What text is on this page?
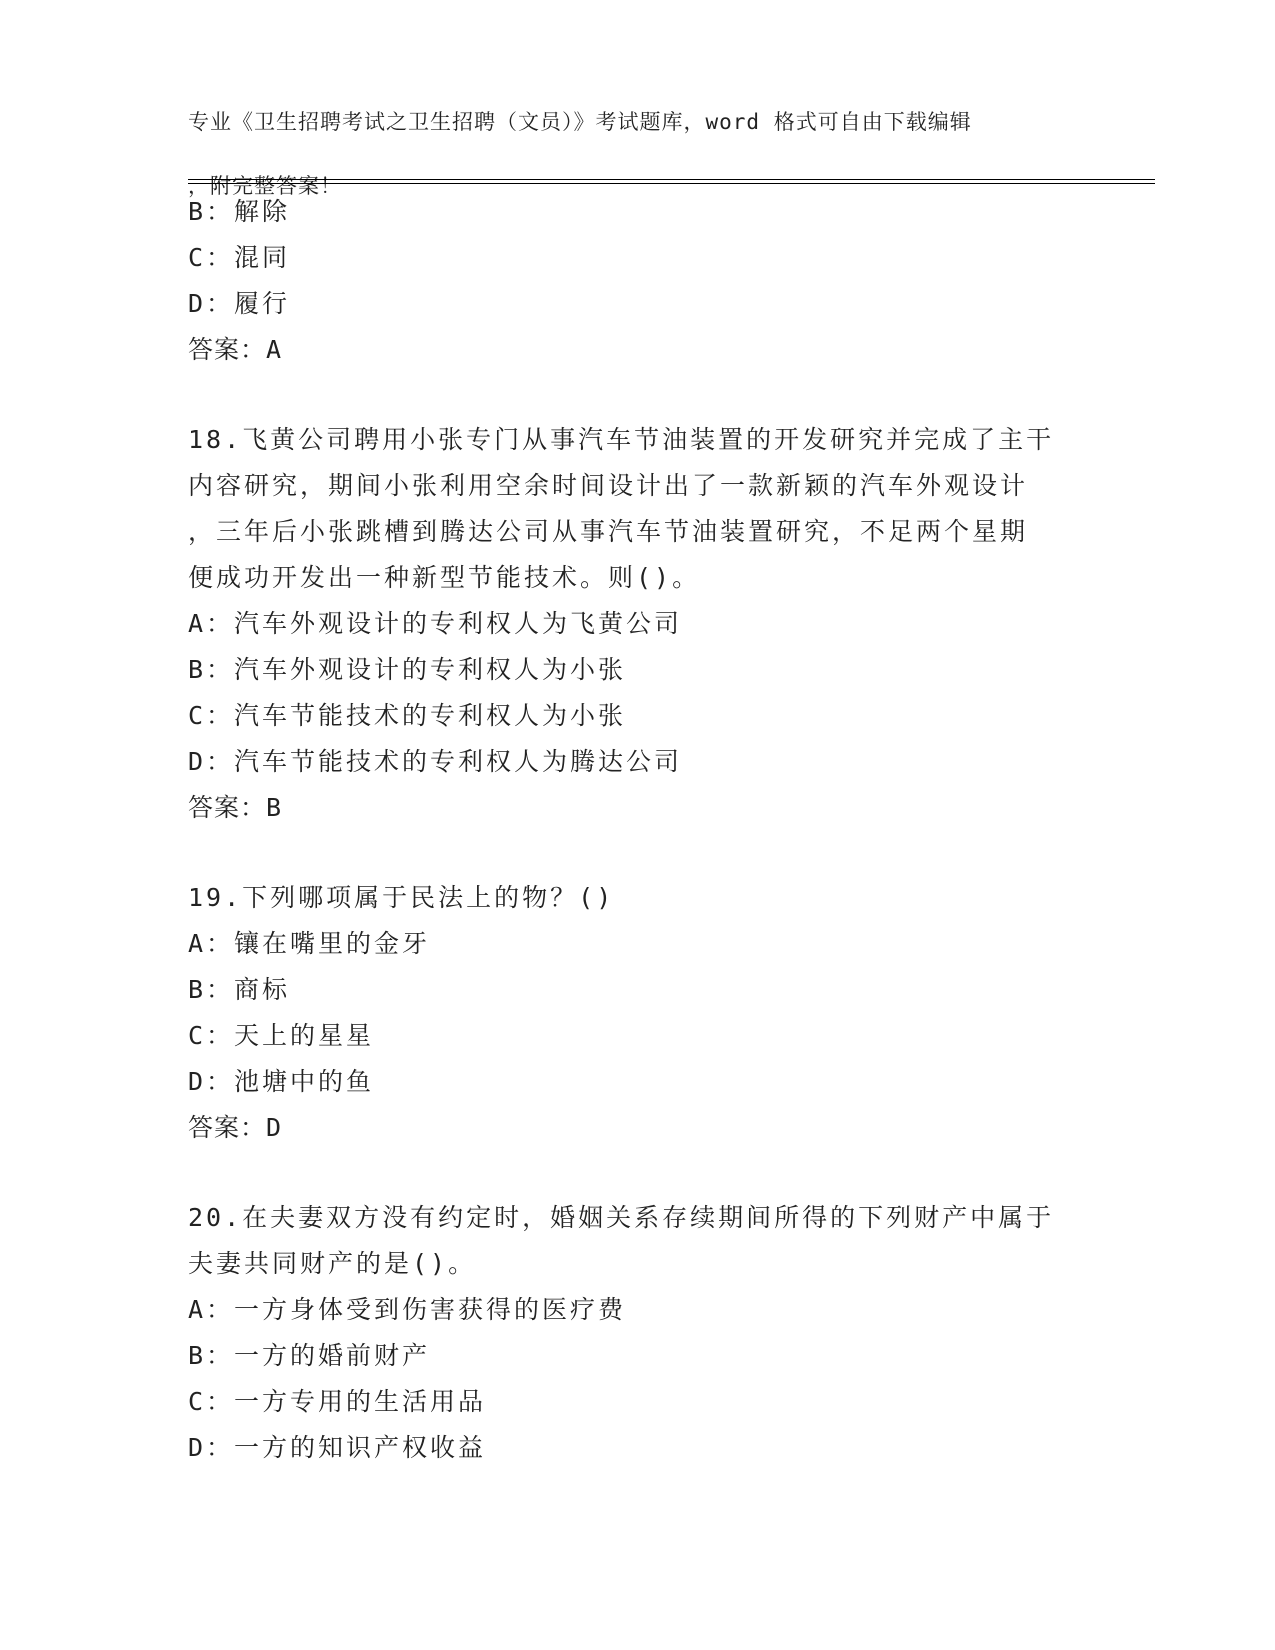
专业《卫生招聘考试之卫生招聘（文员）》考试题库，word 格式可自由下载编辑

，附完整答案！

B：解除
C：混同
D：履行
答案：A
18.飞黄公司聘用小张专门从事汽车节油装置的开发研究并完成了主干
内容研究，期间小张利用空余时间设计出了一款新颖的汽车外观设计
，三年后小张跳槽到腾达公司从事汽车节油装置研究，不足两个星期
便成功开发出一种新型节能技术。则()。
A：汽车外观设计的专利权人为飞黄公司
B：汽车外观设计的专利权人为小张
C：汽车节能技术的专利权人为小张
D：汽车节能技术的专利权人为腾达公司
答案：B
19.下列哪项属于民法上的物？()
A：镶在嘴里的金牙
B：商标
C：天上的星星
D：池塘中的鱼
答案：D
20.在夫妻双方没有约定时，婚姻关系存续期间所得的下列财产中属于
夫妻共同财产的是()。
A：一方身体受到伤害获得的医疗费
B：一方的婚前财产
C：一方专用的生活用品
D：一方的知识产权收益
